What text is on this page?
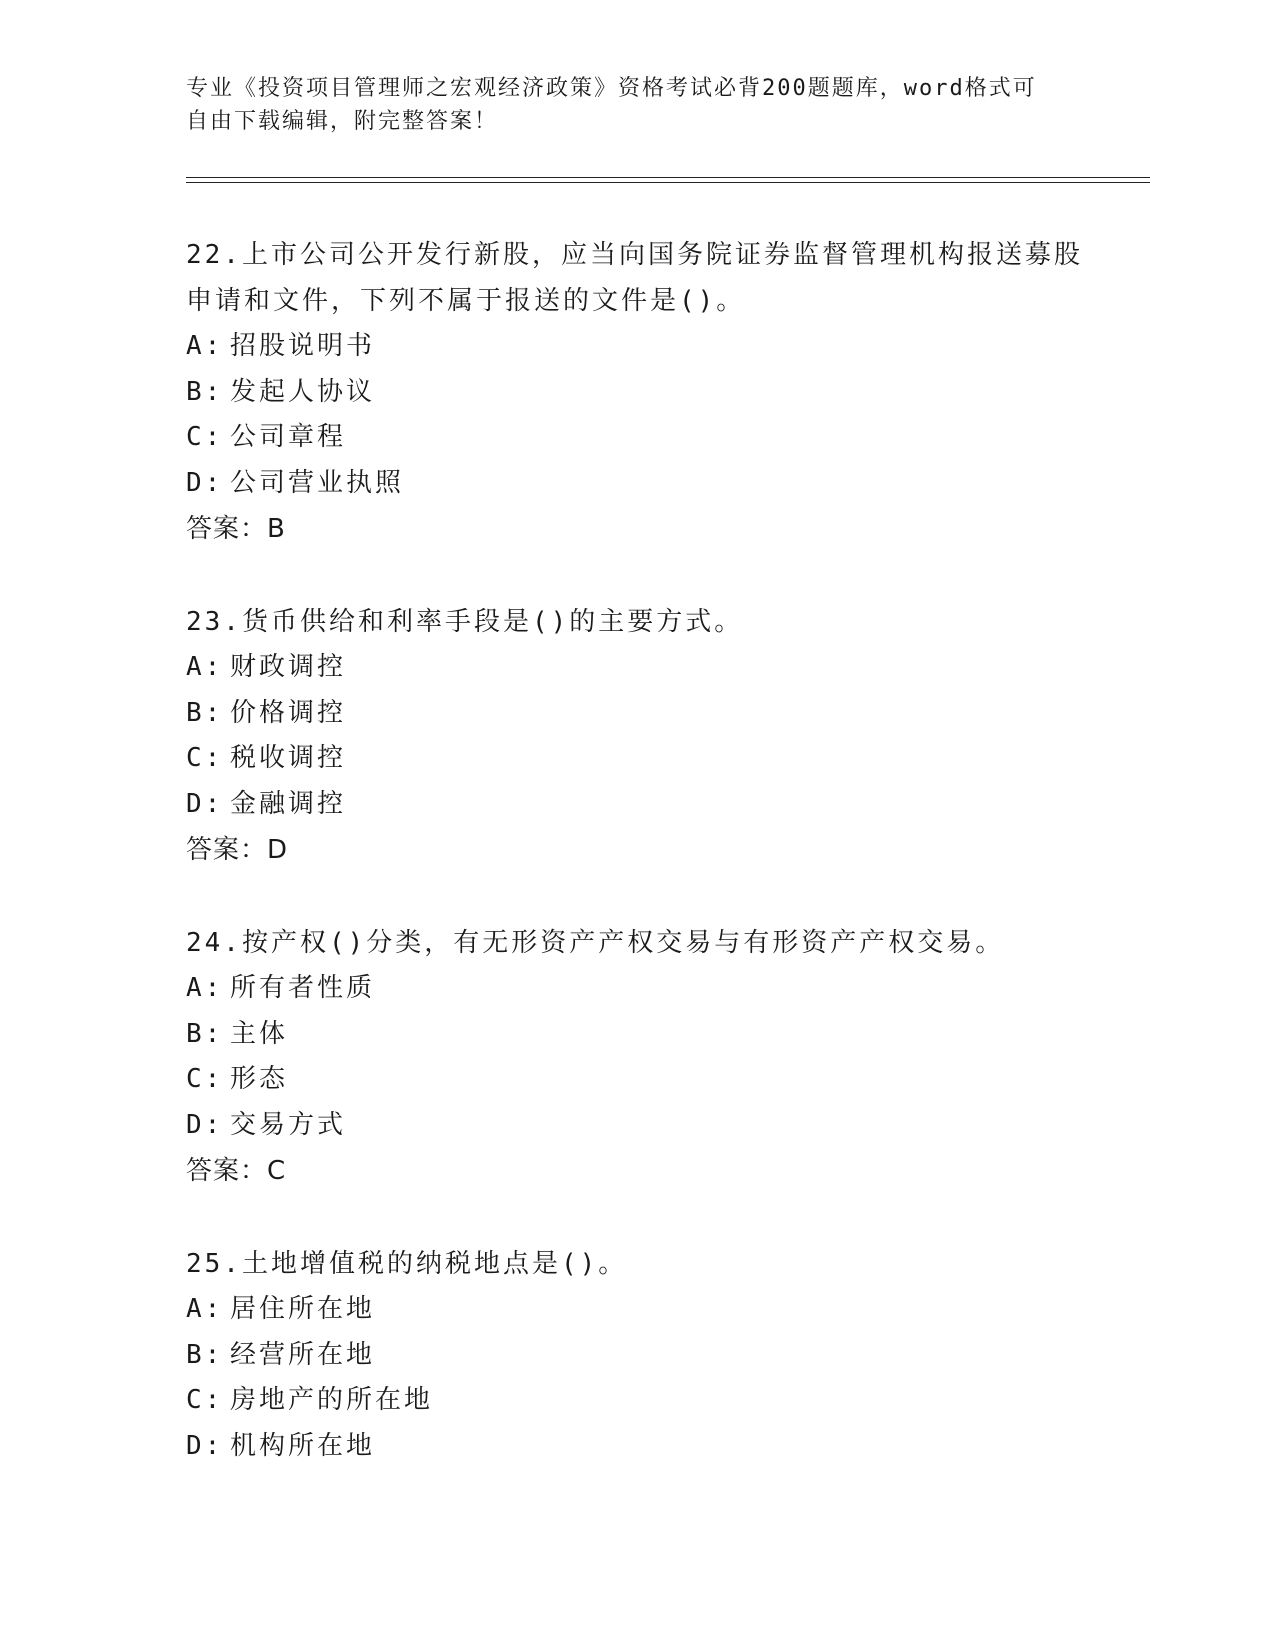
专业《投资项目管理师之宏观经济政策》资格考试必背200题题库，word格式可
自由下载编辑，附完整答案！
22.上市公司公开发行新股，应当向国务院证券监督管理机构报送募股
申请和文件，下列不属于报送的文件是()。
A: 招股说明书
B: 发起人协议
C: 公司章程
D: 公司营业执照
答案：B
23.货币供给和利率手段是()的主要方式。
A: 财政调控
B: 价格调控
C: 税收调控
D: 金融调控
答案：D
24.按产权()分类，有无形资产产权交易与有形资产产权交易。
A: 所有者性质
B: 主体
C: 形态
D: 交易方式
答案：C
25.土地增值税的纳税地点是()。
A: 居住所在地
B: 经营所在地
C: 房地产的所在地
D: 机构所在地
